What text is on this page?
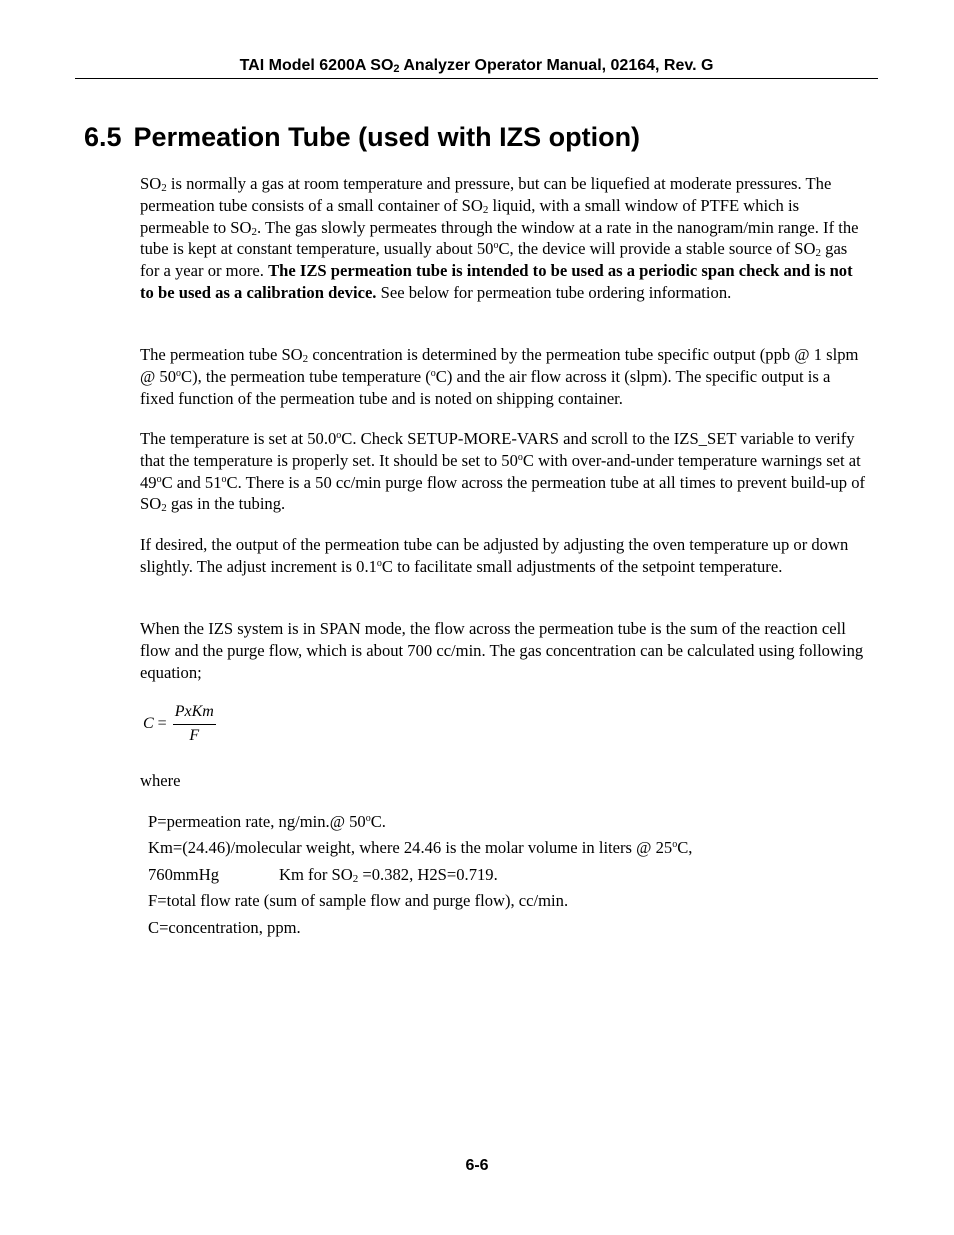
TAI Model 6200A $SO_2$ Analyzer Operator Manual, 02164, Rev. G
6.5 Permeation Tube (used with IZS option)

$SO_2$ is normally a gas at room temperature and pressure, but can be liquefied at moderate pressures. The permeation tube consists of a small container of $SO_2$ liquid, with a small window of PTFE which is permeable to $SO_2$. The gas slowly permeates through the window at a rate in the nanogram/min range. If the tube is kept at constant temperature, usually about 50$^o$C, the device will provide a stable source of $SO_2$ gas for a year or more. The IZS permeation tube is intended to be used as a periodic span check and is not to be used as a calibration device. See below for permeation tube ordering information.

The permeation tube $SO_2$ concentration is determined by the permeation tube specific output (ppb @ 1 slpm @ 50$^o$C), the permeation tube temperature ($^o$C) and the air flow across it (slpm). The specific output is a fixed function of the permeation tube and is noted on shipping container.

The temperature is set at 50.0$^o$C. Check SETUP-MORE-VARS and scroll to the IZS_SET variable to verify that the temperature is properly set. It should be set to 50$^o$C with over-and-under temperature warnings set at 49$^o$C and 51$^o$C. There is a 50 cc/min purge flow across the permeation tube at all times to prevent build-up of $SO_2$ gas in the tubing.

If desired, the output of the permeation tube can be adjusted by adjusting the oven temperature up or down slightly. The adjust increment is 0.1$^o$C to facilitate small adjustments of the setpoint temperature.

When the IZS system is in SPAN mode, the flow across the permeation tube is the sum of the reaction cell flow and the purge flow, which is about 700 cc/min. The gas concentration can be calculated using following equation;

$C = \frac{\text{PxKm}}{F}$
where
P=permeation rate, ng/min.@ 50$^o$C.
Km=(24.46)/molecular weight, where 24.46 is the molar volume in liters @ 25$^o$C,
760mmHg	Km for $SO_2 =0.382$, H2S=0.719.
F=total flow rate (sum of sample flow and purge flow), cc/min.
C=concentration, ppm.
6-6
